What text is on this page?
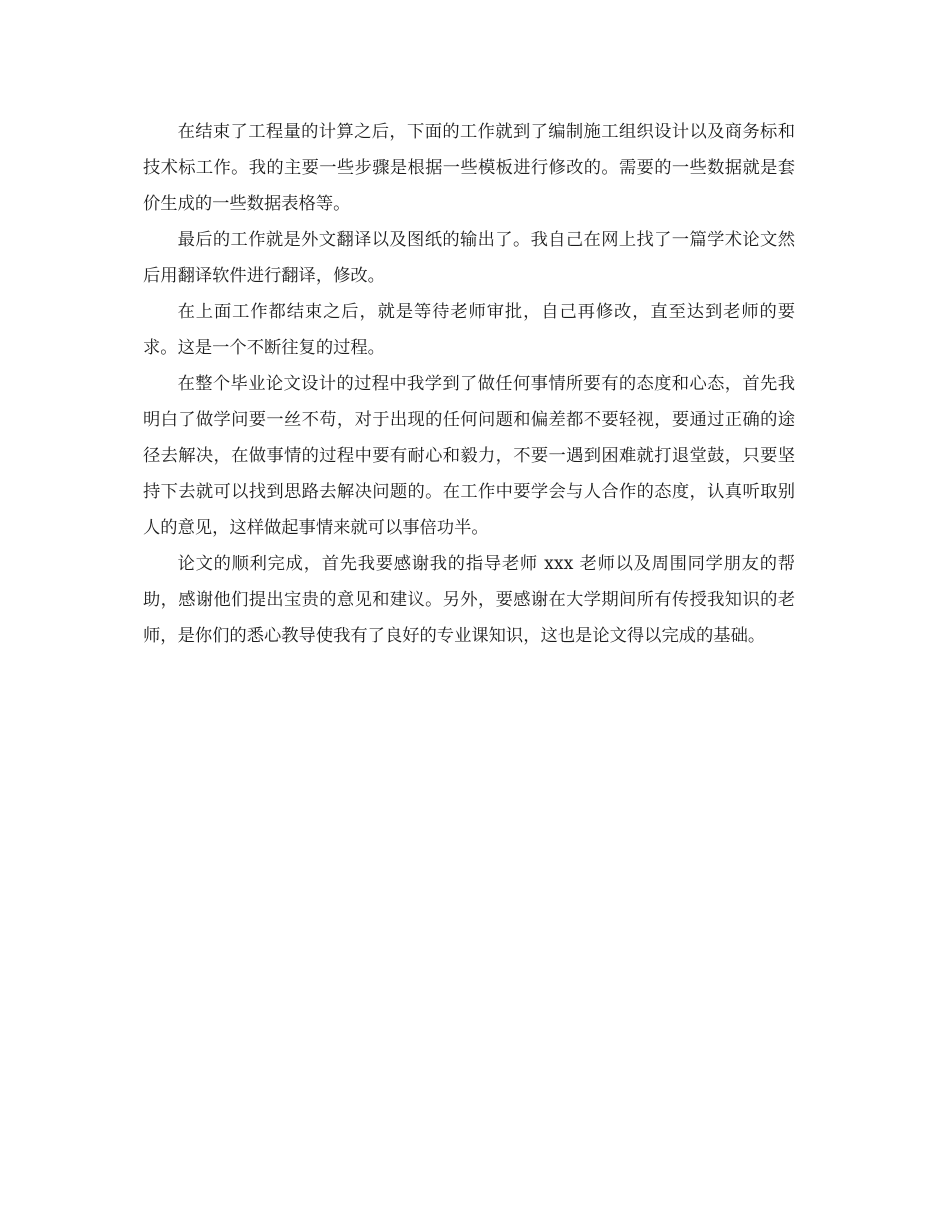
在结束了工程量的计算之后，下面的工作就到了编制施工组织设计以及商务标和技术标工作。我的主要一些步骤是根据一些模板进行修改的。需要的一些数据就是套价生成的一些数据表格等。

最后的工作就是外文翻译以及图纸的输出了。我自己在网上找了一篇学术论文然后用翻译软件进行翻译，修改。

在上面工作都结束之后，就是等待老师审批，自己再修改，直至达到老师的要求。这是一个不断往复的过程。

在整个毕业论文设计的过程中我学到了做任何事情所要有的态度和心态，首先我明白了做学问要一丝不苟，对于出现的任何问题和偏差都不要轻视，要通过正确的途径去解决，在做事情的过程中要有耐心和毅力，不要一遇到困难就打退堂鼓，只要坚持下去就可以找到思路去解决问题的。在工作中要学会与人合作的态度，认真听取别人的意见，这样做起事情来就可以事倍功半。

论文的顺利完成，首先我要感谢我的指导老师 xxx 老师以及周围同学朋友的帮助，感谢他们提出宝贵的意见和建议。另外，要感谢在大学期间所有传授我知识的老师，是你们的悉心教导使我有了良好的专业课知识，这也是论文得以完成的基础。
